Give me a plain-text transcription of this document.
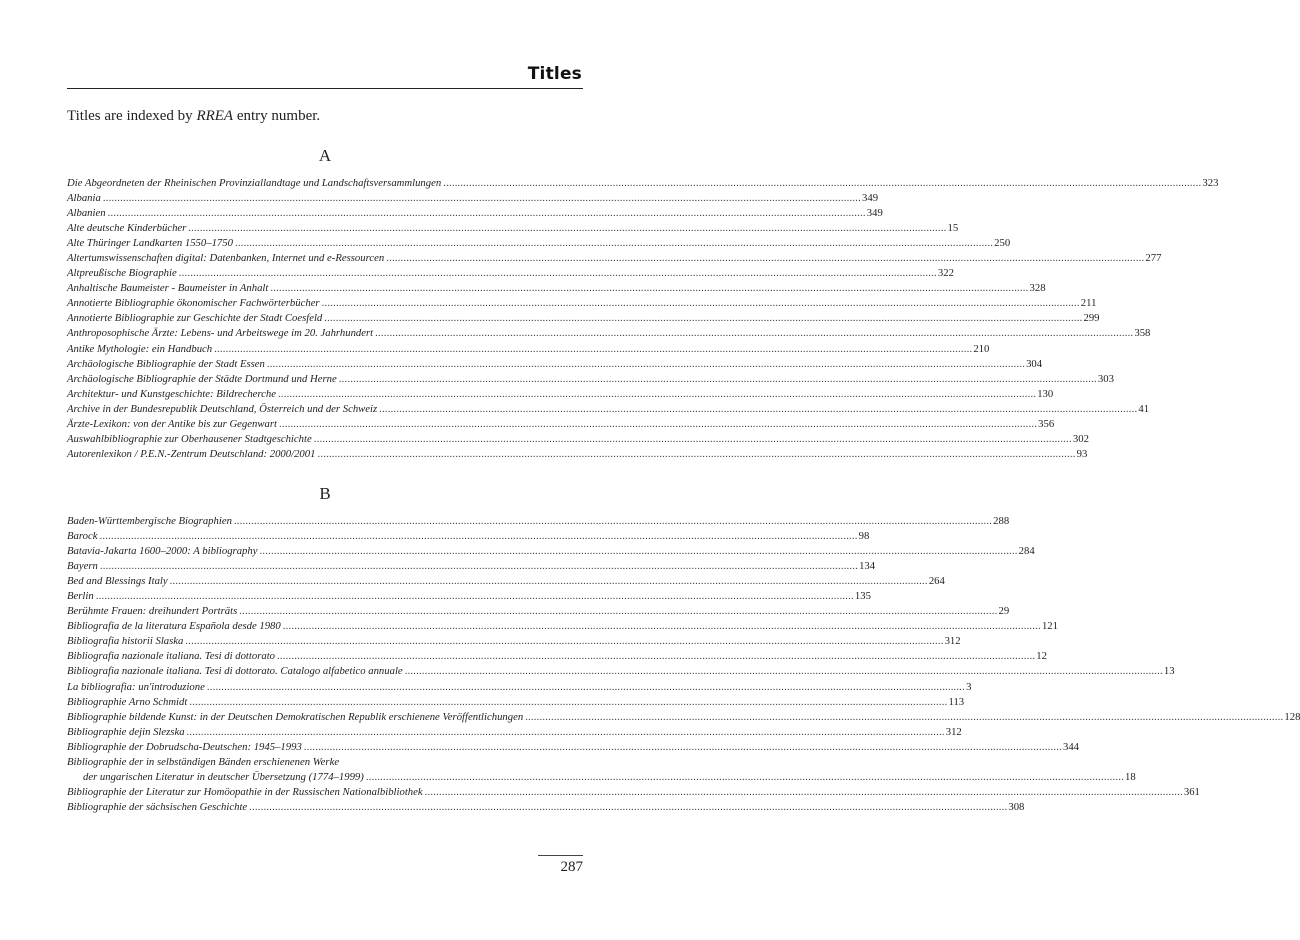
Titles
Titles are indexed by RREA entry number.
A
Die Abgeordneten der Rheinischen Provinziallandtage und Landschaftsversammlungen .....	323
Albania .....	349
Albanien .....	349
Alte deutsche Kinderbücher .....	15
Alte Thüringer Landkarten 1550–1750 .....	250
Altertumswissenschaften digital: Datenbanken, Internet und e-Ressourcen .....	277
Altpreußische Biographie .....	322
Anhaltische Baumeister - Baumeister in Anhalt .....	328
Annotierte Bibliographie ökonomischer Fachwörterbücher .....	211
Annotierte Bibliographie zur Geschichte der Stadt Coesfeld .....	299
Anthroposophische Ärzte: Lebens- und Arbeitswege im 20. Jahrhundert .....	358
Antike Mythologie: ein Handbuch .....	210
Archäologische Bibliographie der Stadt Essen .....	304
Archäologische Bibliographie der Städte Dortmund und Herne .....	303
Architektur- und Kunstgeschichte: Bildrecherche .....	130
Archive in der Bundesrepublik Deutschland, Österreich und der Schweiz .....	41
Ärzte-Lexikon: von der Antike bis zur Gegenwart .....	356
Auswahlbibliographie zur Oberhausener Stadtgeschichte .....	302
Autorenlexikon / P.E.N.-Zentrum Deutschland: 2000/2001 .....	93
B
Baden-Württembergische Biographien .....	288
Barock .....	98
Batavia-Jakarta 1600–2000: A bibliography .....	284
Bayern .....	134
Bed and Blessings Italy .....	264
Berlin .....	135
Berühmte Frauen: dreihundert Porträts .....	29
Bibliografia de la literatura Española desde 1980 .....	121
Bibliografia historii Slaska .....	312
Bibliografia nazionale italiana. Tesi di dottorato .....	12
Bibliografia nazionale italiana. Tesi di dottorato. Catalogo alfabetico annuale .....	13
La bibliografia: un'introduzione .....	3
Bibliographie Arno Schmidt .....	113
Bibliographie bildende Kunst: in der Deutschen Demokratischen Republik erschienene Veröffentlichungen .....	128
Bibliographie dejin Slezska .....	312
Bibliographie der Dobrudscha-Deutschen: 1945–1993 .....	344
Bibliographie der in selbständigen Bänden erschienenen Werke
der ungarischen Literatur in deutscher Übersetzung (1774–1999) .....	18
Bibliographie der Literatur zur Homöopathie in der Russischen Nationalbibliothek .....	361
Bibliographie der sächsischen Geschichte .....	308
287
